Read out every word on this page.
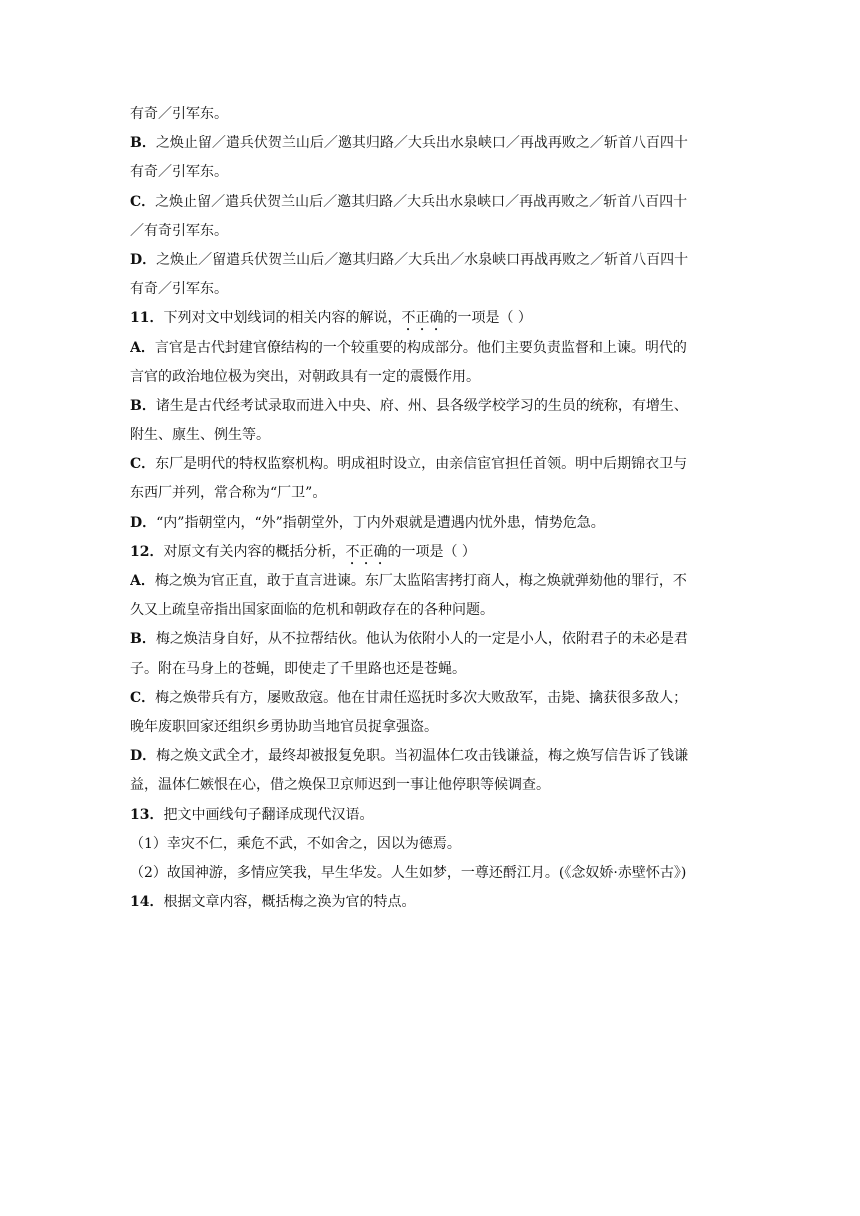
有奇／引军东。
B．之焕止留／遣兵伏贺兰山后／邀其归路／大兵出水泉峡口／再战再败之／斩首八百四十
有奇／引军东。
C．之焕止留／遣兵伏贺兰山后／邀其归路／大兵出水泉峡口／再战再败之／斩首八百四十
／有奇引军东。
D．之焕止／留遣兵伏贺兰山后／邀其归路／大兵出／水泉峡口再战再败之／斩首八百四十
有奇／引军东。
11．下列对文中划线词的相关内容的解说，不正确的一项是（ ）
A．言官是古代封建官僚结构的一个较重要的构成部分。他们主要负责监督和上谏。明代的
言官的政治地位极为突出，对朝政具有一定的震慑作用。
B．诸生是古代经考试录取而进入中央、府、州、县各级学校学习的生员的统称，有增生、
附生、廪生、例生等。
C．东厂是明代的特权监察机构。明成祖时设立，由亲信宦官担任首领。明中后期锦衣卫与
东西厂并列，常合称为“厂卫”。
D．“内”指朝堂内，“外”指朝堂外，丁内外艰就是遭遇内忧外患，情势危急。
12．对原文有关内容的概括分析，不正确的一项是（ ）
A．梅之焕为官正直，敢于直言进谏。东厂太监陷害拷打商人，梅之焕就弹劾他的罪行，不
久又上疏皇帝指出国家面临的危机和朝政存在的各种问题。
B．梅之焕洁身自好，从不拉帮结伙。他认为依附小人的一定是小人，依附君子的未必是君
子。附在马身上的苍蝇，即使走了千里路也还是苍蝇。
C．梅之焕带兵有方，屡败敌寇。他在甘肃任巡抚时多次大败敌军，击毙、擒获很多敌人；
晚年废职回家还组织乡勇协助当地官员捉拿强盗。
D．梅之焕文武全才，最终却被报复免职。当初温体仁攻击钱谦益，梅之焕写信告诉了钱谦
益，温体仁嫉恨在心，借之焕保卫京师迟到一事让他停职等候调查。
13．把文中画线句子翻译成现代汉语。
（1）幸灾不仁，乘危不武，不如舍之，因以为德焉。
（2）故国神游，多情应笑我，早生华发。人生如梦，一尊还酹江月。(《念奴娇·赤壁怀古》)
14．根据文章内容，概括梅之涣为官的特点。
